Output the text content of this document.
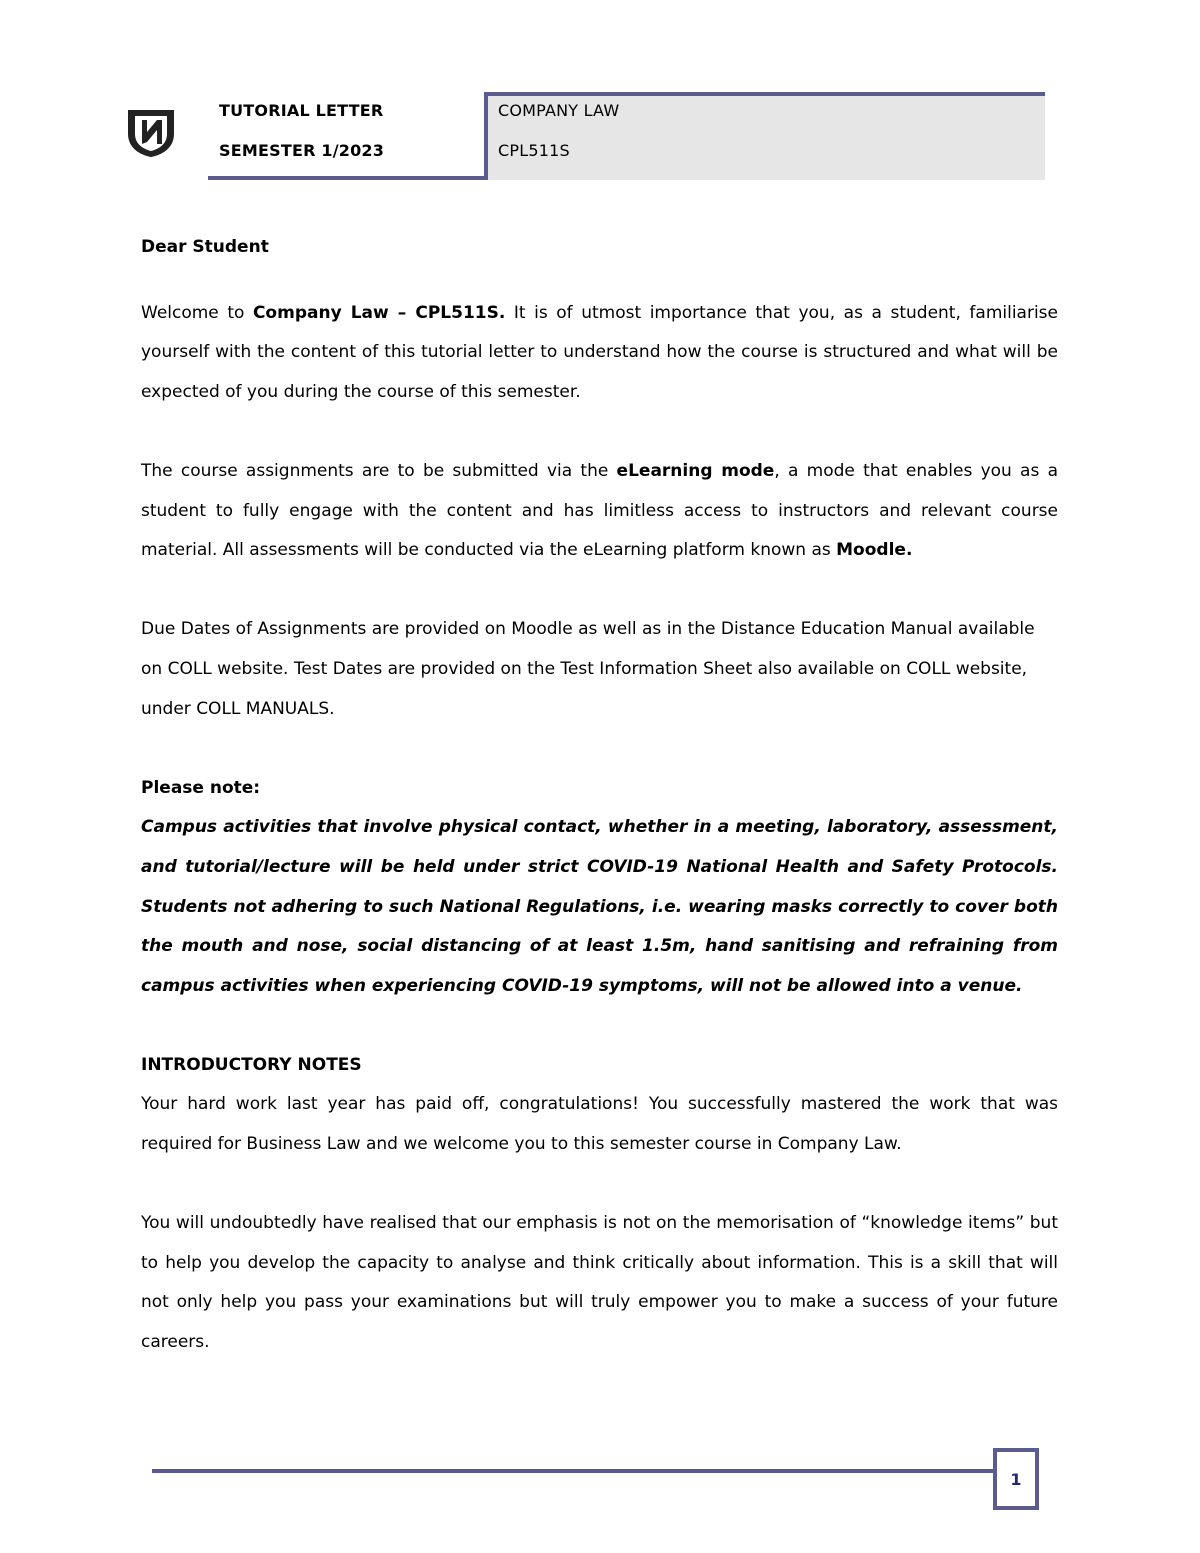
TUTORIAL LETTER
SEMESTER 1/2023
COMPANY LAW
CPL511S

Dear Student

Welcome to Company Law – CPL511S. It is of utmost importance that you, as a student, familiarise yourself with the content of this tutorial letter to understand how the course is structured and what will be expected of you during the course of this semester.

The course assignments are to be submitted via the eLearning mode, a mode that enables you as a student to fully engage with the content and has limitless access to instructors and relevant course material. All assessments will be conducted via the eLearning platform known as Moodle.

Due Dates of Assignments are provided on Moodle as well as in the Distance Education Manual available on COLL website. Test Dates are provided on the Test Information Sheet also available on COLL website, under COLL MANUALS.

Please note:

Campus activities that involve physical contact, whether in a meeting, laboratory, assessment, and tutorial/lecture will be held under strict COVID-19 National Health and Safety Protocols. Students not adhering to such National Regulations, i.e. wearing masks correctly to cover both the mouth and nose, social distancing of at least 1.5m, hand sanitising and refraining from campus activities when experiencing COVID-19 symptoms, will not be allowed into a venue.

INTRODUCTORY NOTES

Your hard work last year has paid off, congratulations! You successfully mastered the work that was required for Business Law and we welcome you to this semester course in Company Law.

You will undoubtedly have realised that our emphasis is not on the memorisation of “knowledge items” but to help you develop the capacity to analyse and think critically about information. This is a skill that will not only help you pass your examinations but will truly empower you to make a success of your future careers.

1
